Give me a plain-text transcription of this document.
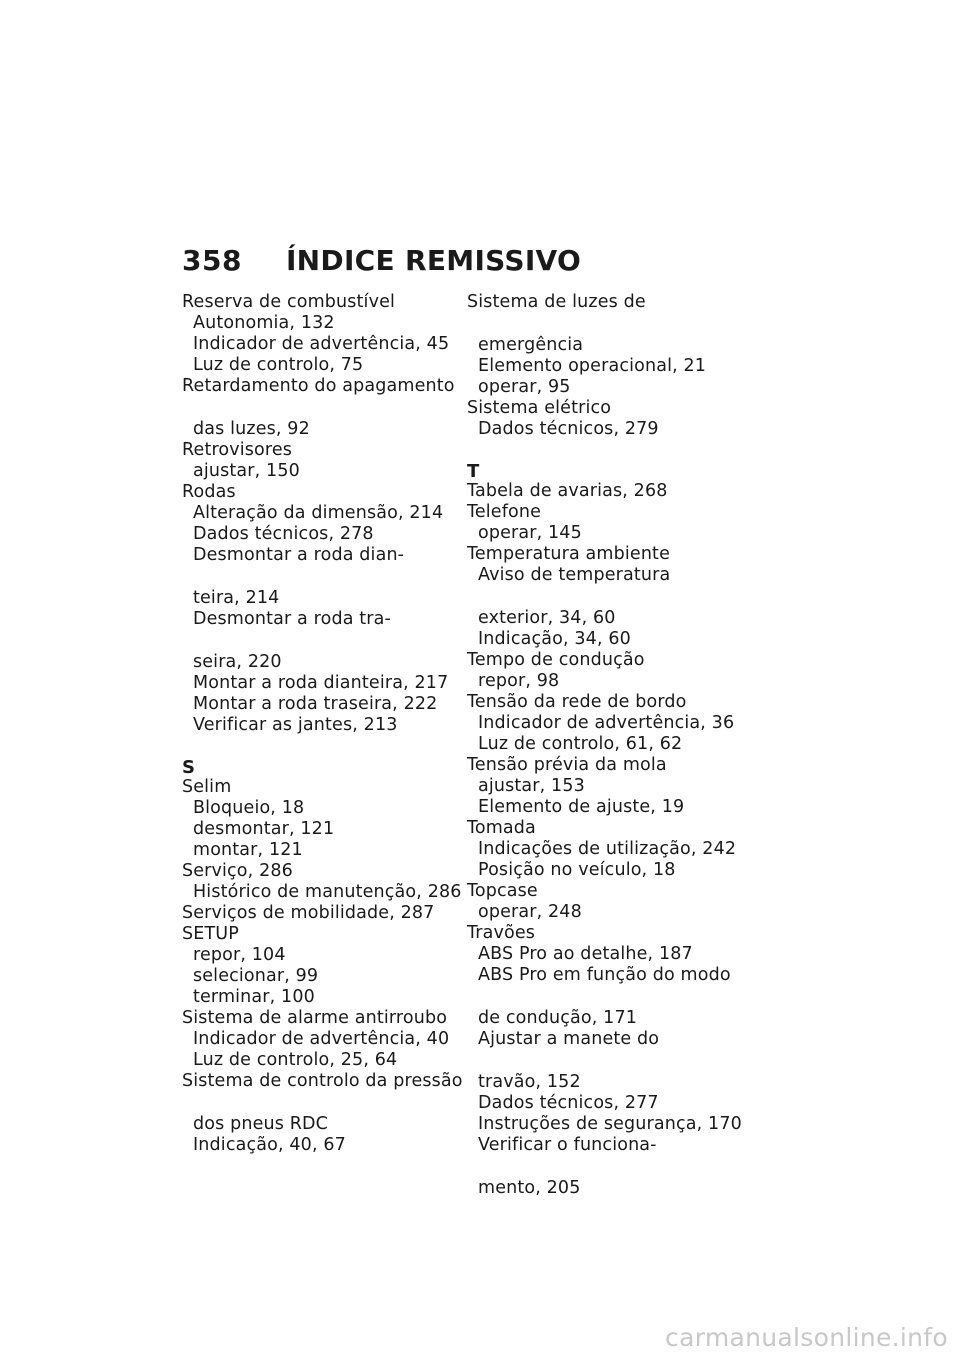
358 ÍNDICE REMISSIVO
Reserva de combustível
Autonomia, 132
Indicador de advertência, 45
Luz de controlo, 75
Retardamento do apagamento
das luzes, 92
Retrovisores
ajustar, 150
Rodas
Alteração da dimensão, 214
Dados técnicos, 278
Desmontar a roda dian-
teira, 214
Desmontar a roda tra-
seira, 220
Montar a roda dianteira, 217
Montar a roda traseira, 222
Verificar as jantes, 213
S
Selim
Bloqueio, 18
desmontar, 121
montar, 121
Serviço, 286
Histórico de manutenção, 286
Serviços de mobilidade, 287
SETUP
repor, 104
selecionar, 99
terminar, 100
Sistema de alarme antirroubo
Indicador de advertência, 40
Luz de controlo, 25, 64
Sistema de controlo da pressão
dos pneus RDC
Indicação, 40, 67
Sistema de luzes de
emergência
Elemento operacional, 21
operar, 95
Sistema elétrico
Dados técnicos, 279
T
Tabela de avarias, 268
Telefone
operar, 145
Temperatura ambiente
Aviso de temperatura
exterior, 34, 60
Indicação, 34, 60
Tempo de condução
repor, 98
Tensão da rede de bordo
Indicador de advertência, 36
Luz de controlo, 61, 62
Tensão prévia da mola
ajustar, 153
Elemento de ajuste, 19
Tomada
Indicações de utilização, 242
Posição no veículo, 18
Topcase
operar, 248
Travões
ABS Pro ao detalhe, 187
ABS Pro em função do modo
de condução, 171
Ajustar a manete do
travão, 152
Dados técnicos, 277
Instruções de segurança, 170
Verificar o funciona-
mento, 205
carmanualsonline.info
